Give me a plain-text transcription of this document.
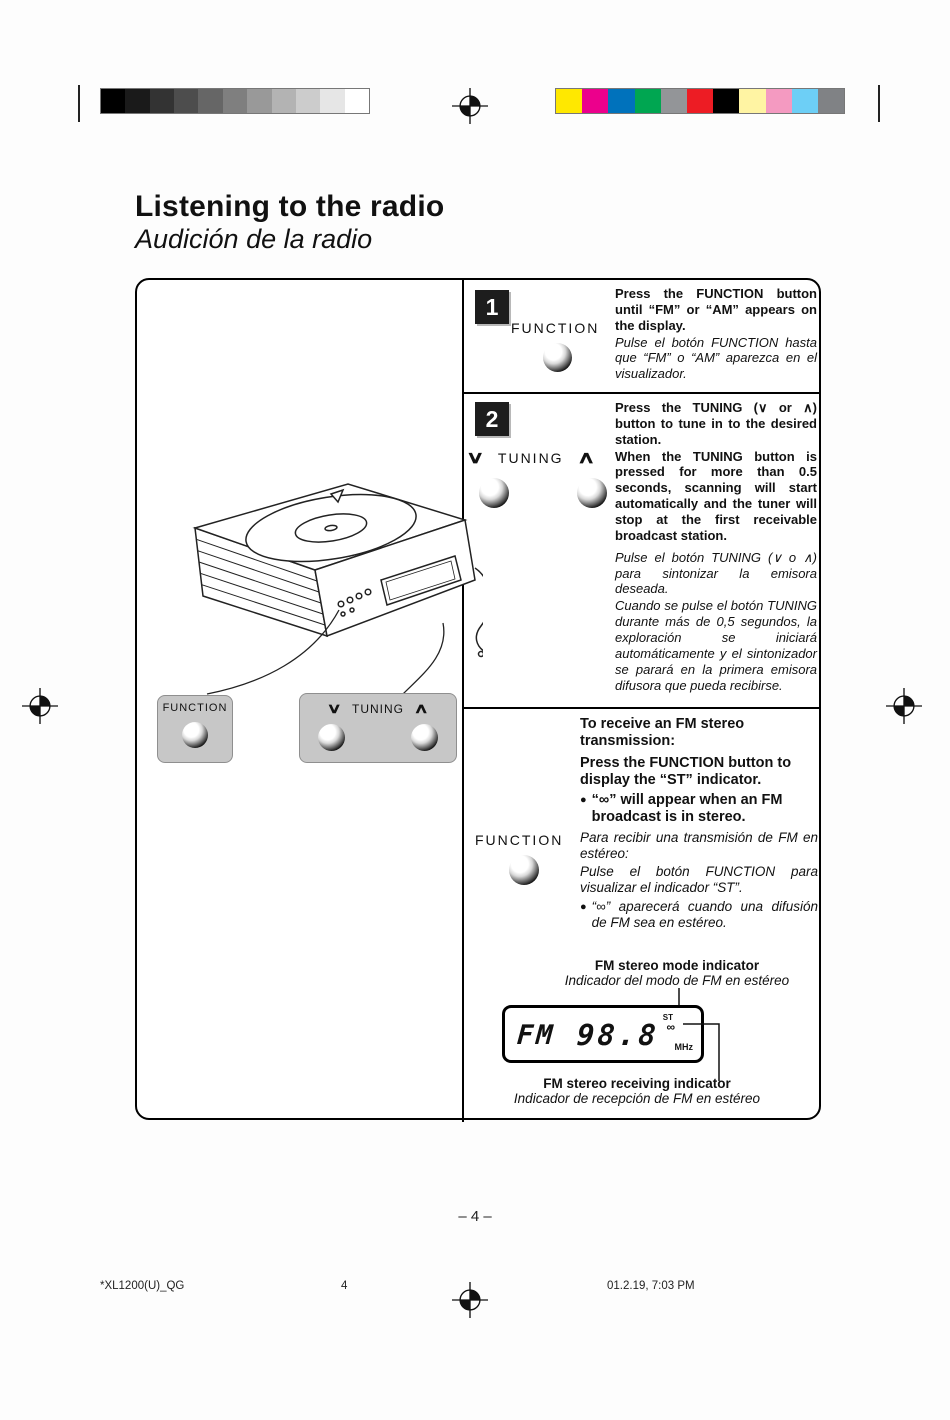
Listening to the radio
Audición de la radio
FUNCTION	∨ TUNING ∧
1
FUNCTION

Press the FUNCTION button until “FM” or “AM” appears on the display.

Pulse el botón FUNCTION hasta que “FM” o “AM” aparezca en el visualizador.

2
∨ TUNING ∧

Press the TUNING (∨ or ∧) button to tune in to the desired station.

When the TUNING button is pressed for more than 0.5 seconds, scanning will start automatically and the tuner will stop at the first receivable broadcast station.

Pulse el botón TUNING (∨ o ∧) para sintonizar la emisora deseada.

Cuando se pulse el botón TUNING durante más de 0,5 segundos, la exploración se iniciará automáticamente y el sintonizador se parará en la primera emisora difusora que pueda recibirse.

To receive an FM stereo transmission:

Press the FUNCTION button to display the “ST” indicator.

● “∞” will appear when an FM broadcast is in stereo.
FUNCTION Para recibir una transmisión de FM en estéreo:

Pulse el botón FUNCTION para visualizar el indicador “ST”.

● “∞” aparecerá cuando una difusión de FM sea en estéreo.
FM stereo mode indicator
Indicador del modo de FM en estéreo
FM 98.8
ST
∞
MHz
FM stereo receiving indicator
Indicador de recepción de FM en estéreo
– 4 –
*XL1200(U)_QG	4	01.2.19, 7:03 PM
